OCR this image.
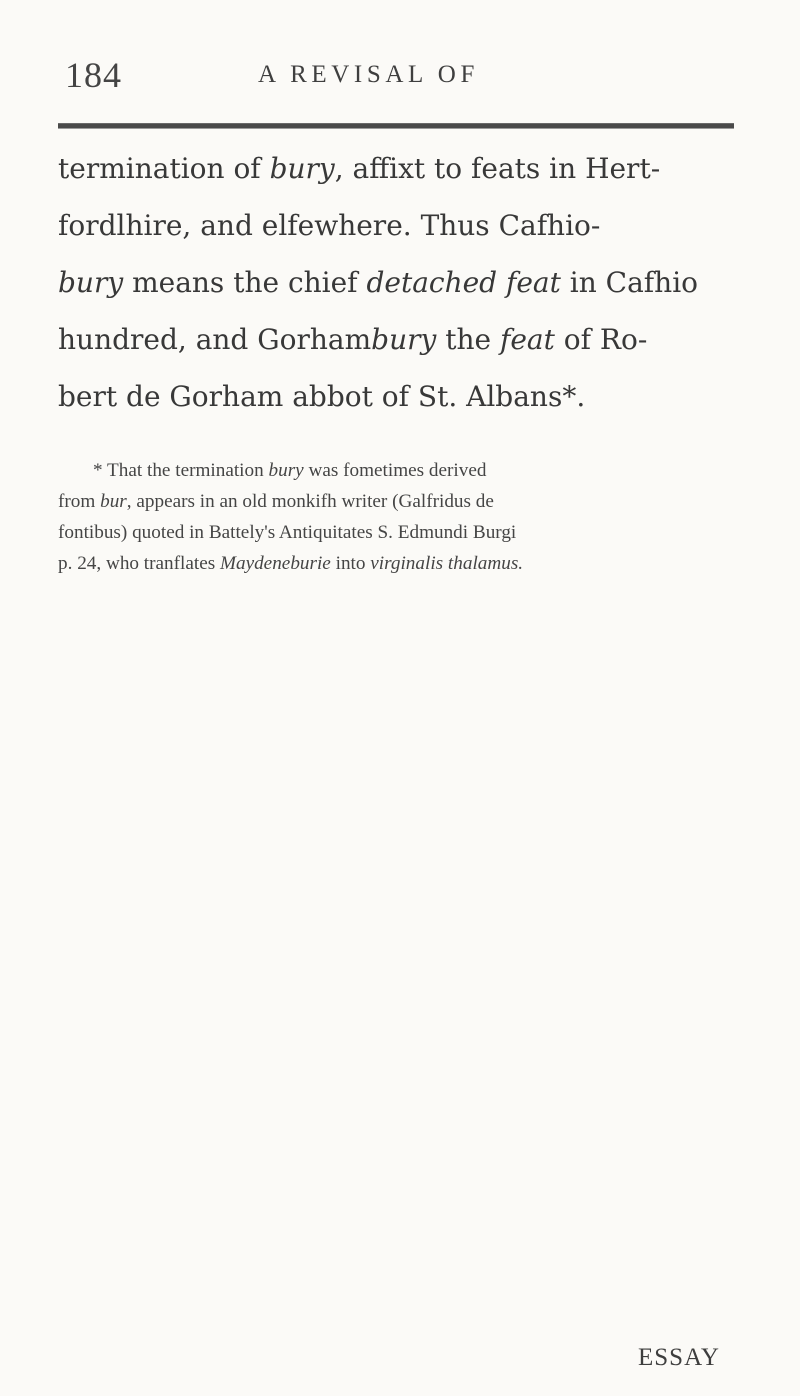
184	A REVISAL OF
termination of bury, affixt to feats in Hert-
fordlhire, and elfewhere. Thus Cafhio-
bury means the chief detached feat in Cafhio
hundred, and Gorhambury the feat of Ro-
bert de Gorham abbot of St. Albans*.
* That the termination bury was fometimes derived
from bur, appears in an old monkifh writer (Galfridus de
fontibus) quoted in Battely's Antiquitates S. Edmundi Burgi
p. 24, who tranflates Maydeneburie into virginalis thalamus.
ESSAY
